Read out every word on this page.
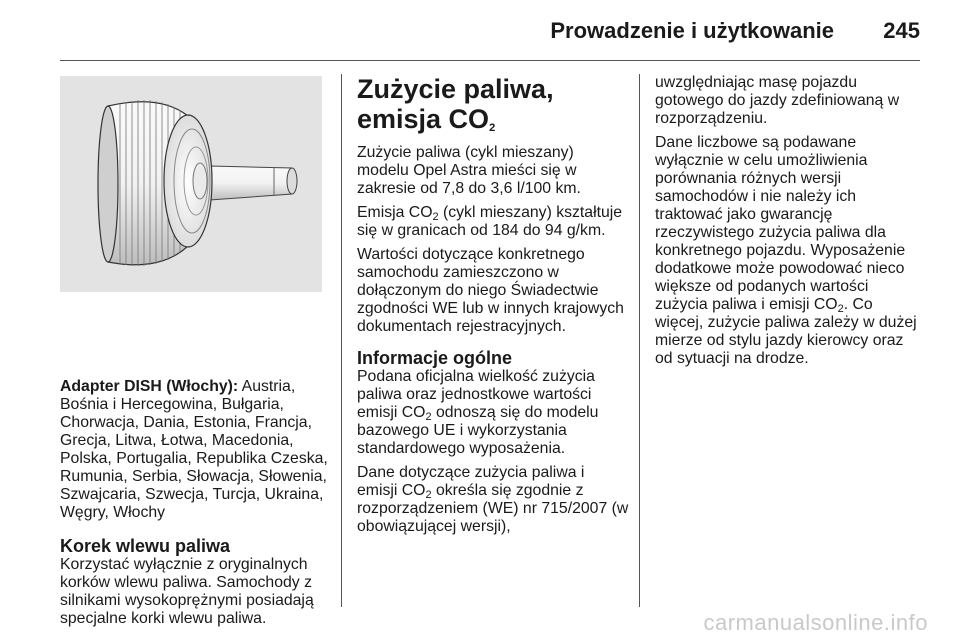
Prowadzenie i użytkowanie 245

Adapter DISH (Włochy): Austria, Bośnia i Hercegowina, Bułgaria, Chorwacja, Dania, Estonia, Francja, Grecja, Litwa, Łotwa, Macedonia, Polska, Portugalia, Republika Czeska, Rumunia, Serbia, Słowacja, Słowenia, Szwajcaria, Szwecja, Turcja, Ukraina, Węgry, Włochy

Korek wlewu paliwa

Korzystać wyłącznie z oryginalnych korków wlewu paliwa. Samochody z silnikami wysokoprężnymi posiadają specjalne korki wlewu paliwa.

Zużycie paliwa, emisja $CO_2$

Zużycie paliwa (cykl mieszany) modelu Opel Astra mieści się w zakresie od 7,8 do 3,6 l/100 km.

Emisja $CO_2$ (cykl mieszany) kształtuje się w granicach od 184 do 94 g/km.

Wartości dotyczące konkretnego samochodu zamieszczono w dołączonym do niego Świadectwie zgodności WE lub w innych krajowych dokumentach rejestracyjnych.

Informacje ogólne

Podana oficjalna wielkość zużycia paliwa oraz jednostkowe wartości emisji $CO_2$ odnoszą się do modelu bazowego UE i wykorzystania standardowego wyposażenia.

Dane dotyczące zużycia paliwa i emisji $CO_2$ określa się zgodnie z rozporządzeniem (WE) nr 715/2007 (w obowiązującej wersji),

uwzględniając masę pojazdu gotowego do jazdy zdefiniowaną w rozporządzeniu.

Dane liczbowe są podawane wyłącznie w celu umożliwienia porównania różnych wersji samochodów i nie należy ich traktować jako gwarancję rzeczywistego zużycia paliwa dla konkretnego pojazdu. Wyposażenie dodatkowe może powodować nieco większe od podanych wartości zużycia paliwa i emisji $CO_2$. Co więcej, zużycie paliwa zależy w dużej mierze od stylu jazdy kierowcy oraz od sytuacji na drodze.

carmanualsonline.info
